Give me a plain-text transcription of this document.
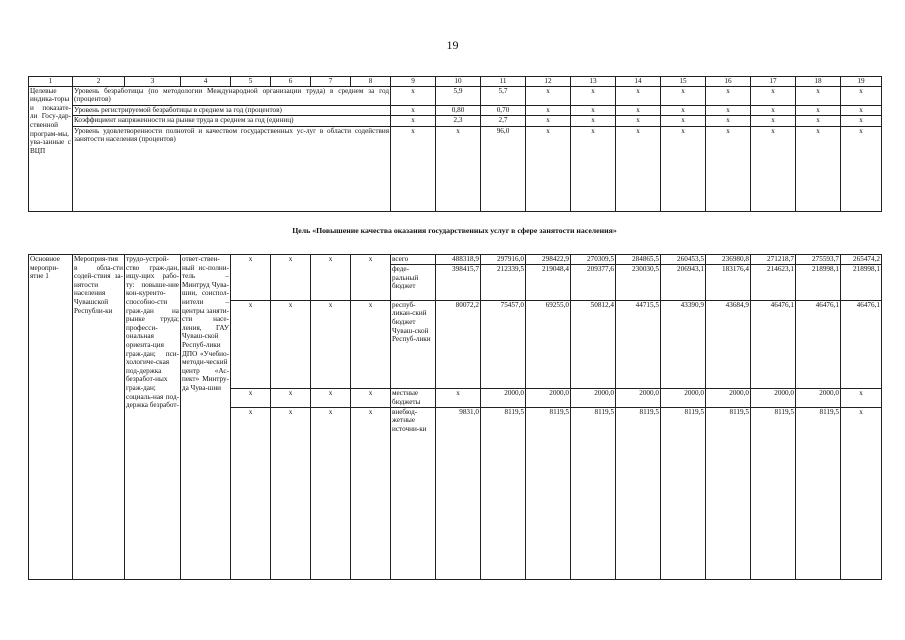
19
1	2	3	4	5	6	7	8	9	10	11	12	13	14	15	16	17	18	19
Целевые индика-торы и показате-ли Госу-дар-ственной програм-мы, ува-занные с ВЦП	Уровень безработицы (по методологии Международной организации труда) в среднем за год (процентов)							x	5,9	5,7	x	x	x	x	x	x	x	x
	Уровень регистрируемой безработицы в среднем за год (процентов)							x	0,80	0,70	x	x	x	x	x	x	x	x
	Коэффициент напряженности на рынке труда в среднем за год (единиц)							x	2,3	2,7	x	x	x	x	x	x	x	x
	Уровень удовлетворенности полнотой и качеством государственных ус-луг в области содействия занятости населения (процентов)							x	x	96,0	x	x	x	x	x	x	x	x
Цель «Повышение качества оказания государственных услуг в сфере занятости населения»
Основное меропри-ятие 1	Мероприя-тия в обла-сти содей-ствия за-нятости населения Чувашской Республи-ки	трудо-устрой-ство граж-дан, ищу-щих рабо-ту: повыше-ние кон-курентo-способно-сти граж-дан на рынке труда; професси-ональная ориента-ция граж-дан; пси-хологиче-ская под-держка безработ-ных граж-дан; социаль-ная под-держка безработ-	ответ-ствен-ный ис-полни-тель – Минтруд Чува-шии, соиспол-нители – центры заняти-сти насе-ления, ГАУ Чуваш-ской Респуб-лики ДПО «Учебно-методи-ческий центр «Ас-пект» Минтру-да Чува-шии	x	x	x	x	всего	488318,9	297916,0	298422,9	270309,5	284865,5	260453,5	236980,8	271218,7	275593,7	265474,2
								феде-ральный бюджет	398415,7	212339,5	219048,4	209377,6	230030,5	206943,1	183176,4	214623,1	218998,1	218998,1
				x	x	x	x	респуб-ликан-ский бюджет Чуваш-ской Респуб-лики	80072,2	75457,0	69255,0	50812,4	44715,5	43390,9	43684,9	46476,1	46476,1	46476,1
				x	x	x	x	местные бюджеты	x	2000,0	2000,0	2000,0	2000,0	2000,0	2000,0	2000,0	2000,0	x
				x	x	x	x	внебюд-жетные источни-ки	9831,0	8119,5	8119,5	8119,5	8119,5	8119,5	8119,5	8119,5	8119,5	x
